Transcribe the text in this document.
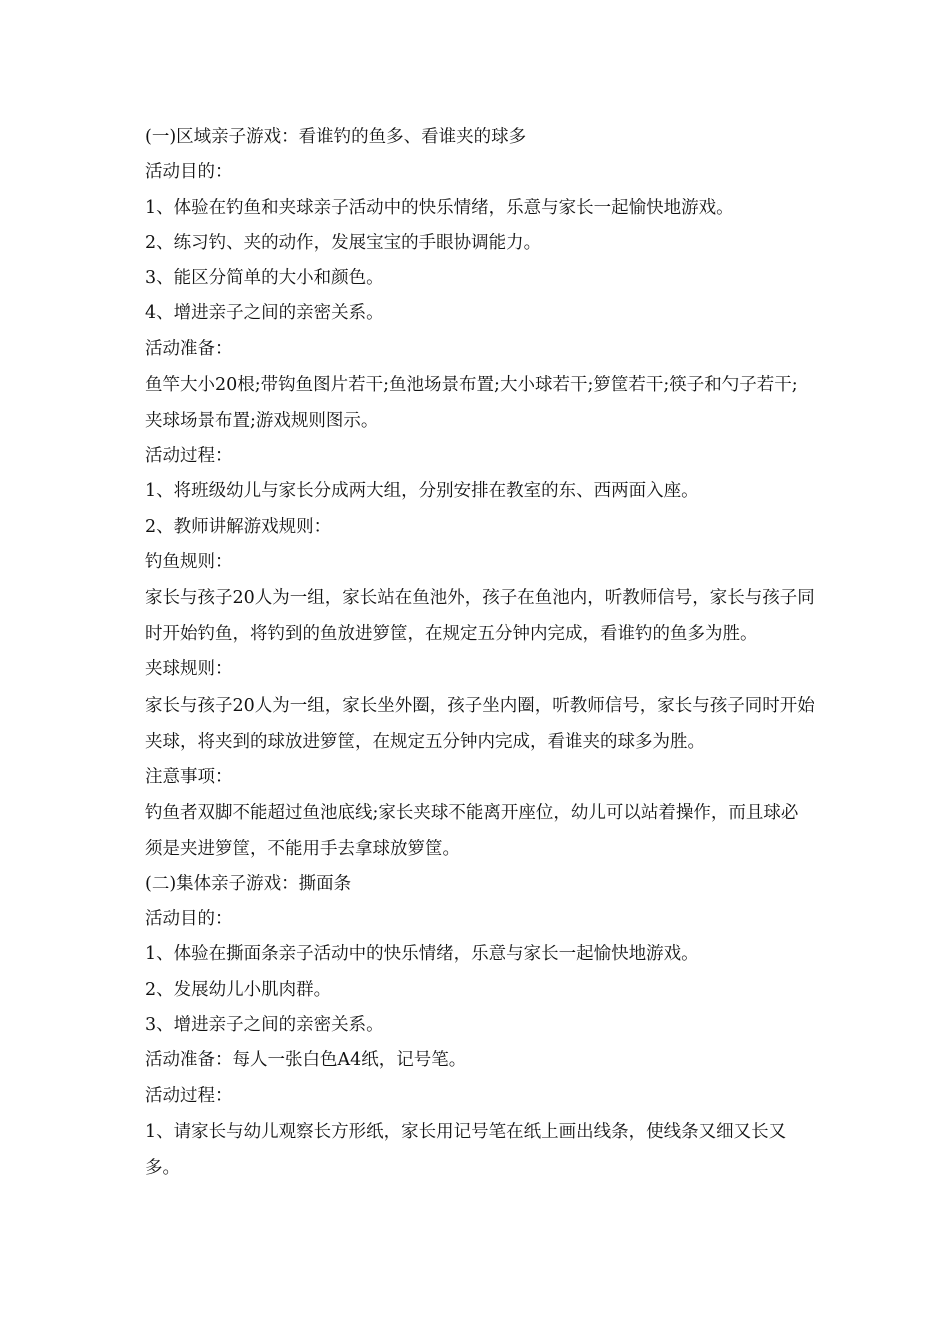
(一)区域亲子游戏：看谁钓的鱼多、看谁夹的球多

活动目的：

1、体验在钓鱼和夹球亲子活动中的快乐情绪，乐意与家长一起愉快地游戏。

2、练习钓、夹的动作，发展宝宝的手眼协调能力。

3、能区分简单的大小和颜色。

4、增进亲子之间的亲密关系。

活动准备：

鱼竿大小20根;带钩鱼图片若干;鱼池场景布置;大小球若干;箩筐若干;筷子和勺子若干;夹球场景布置;游戏规则图示。

活动过程：

1、将班级幼儿与家长分成两大组，分别安排在教室的东、西两面入座。

2、教师讲解游戏规则：

钓鱼规则：

家长与孩子20人为一组，家长站在鱼池外，孩子在鱼池内，听教师信号，家长与孩子同时开始钓鱼，将钓到的鱼放进箩筐，在规定五分钟内完成，看谁钓的鱼多为胜。

夹球规则：

家长与孩子20人为一组，家长坐外圈，孩子坐内圈，听教师信号，家长与孩子同时开始夹球，将夹到的球放进箩筐，在规定五分钟内完成，看谁夹的球多为胜。

注意事项：

钓鱼者双脚不能超过鱼池底线;家长夹球不能离开座位，幼儿可以站着操作，而且球必须是夹进箩筐，不能用手去拿球放箩筐。

(二)集体亲子游戏：撕面条

活动目的：

1、体验在撕面条亲子活动中的快乐情绪，乐意与家长一起愉快地游戏。

2、发展幼儿小肌肉群。

3、增进亲子之间的亲密关系。

活动准备：每人一张白色A4纸，记号笔。

活动过程：

1、请家长与幼儿观察长方形纸，家长用记号笔在纸上画出线条，使线条又细又长又多。
